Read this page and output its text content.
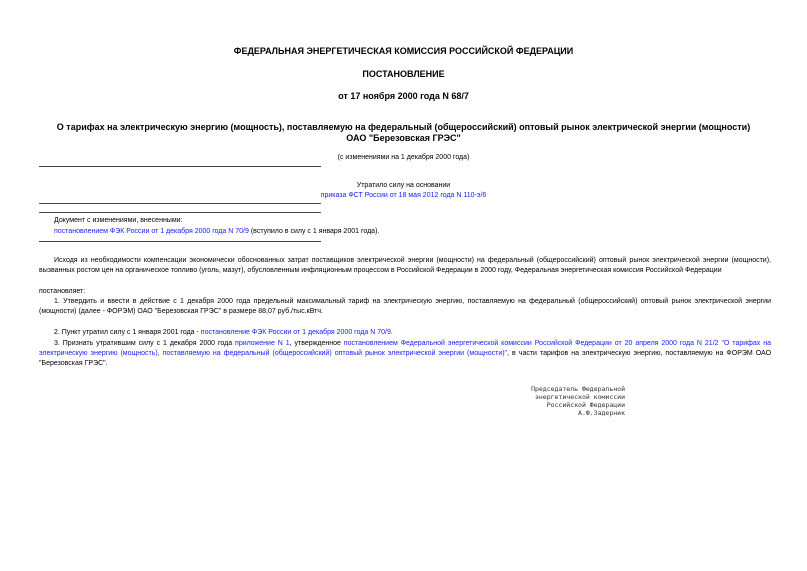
ФЕДЕРАЛЬНАЯ ЭНЕРГЕТИЧЕСКАЯ КОМИССИЯ РОССИЙСКОЙ ФЕДЕРАЦИИ
ПОСТАНОВЛЕНИЕ
от 17 ноября 2000 года N 68/7
О тарифах на электрическую энергию (мощность), поставляемую на федеральный (общероссийский) оптовый рынок электрической энергии (мощности)
ОАО "Березовская ГРЭС"
(с изменениями на 1 декабря 2000 года)
Утратило силу на основании
приказа ФСТ России от 18 мая 2012 года N 110-э/6
Документ с изменениями, внесенными:
постановлением ФЭК России от 1 декабря 2000 года N 70/9 (вступило в силу с 1 января 2001 года).
Исходя из необходимости компенсации экономически обоснованных затрат поставщиков электрической энергии (мощности) на федеральный (общероссийский) оптовый рынок электрической энергии (мощности), вызванных ростом цен на органическое топливо (уголь, мазут), обусловленным инфляционным процессом в Российской Федерации в 2000 году, Федеральная энергетическая комиссия Российской Федерации
постановляет:
1. Утвердить и ввести в действие с 1 декабря 2000 года предельный максимальный тариф на электрическую энергию, поставляемую на федеральный (общероссийский) оптовый рынок электрической энергии (мощности) (далее - ФОРЭМ) ОАО "Березовская ГРЭС" в размере 88,07 руб./тыс.кВтч.
2. Пункт утратил силу с 1 января 2001 года - постановление ФЭК России от 1 декабря 2000 года N 70/9.
3. Признать утратившим силу с 1 декабря 2000 года приложение N 1, утвержденное постановлением Федеральной энергетической комиссии Российской Федерации от 20 апреля 2000 года N 21/2 "О тарифах на электрическую энергию (мощность), поставляемую на федеральный (общероссийский) оптовый рынок электрической энергии (мощности)", в части тарифов на электрическую энергию, поставляемую на ФОРЭМ ОАО "Березовская ГРЭС".
Председатель Федеральной
энергетической комиссии
Российской Федерации
А.Ф.Задерник
